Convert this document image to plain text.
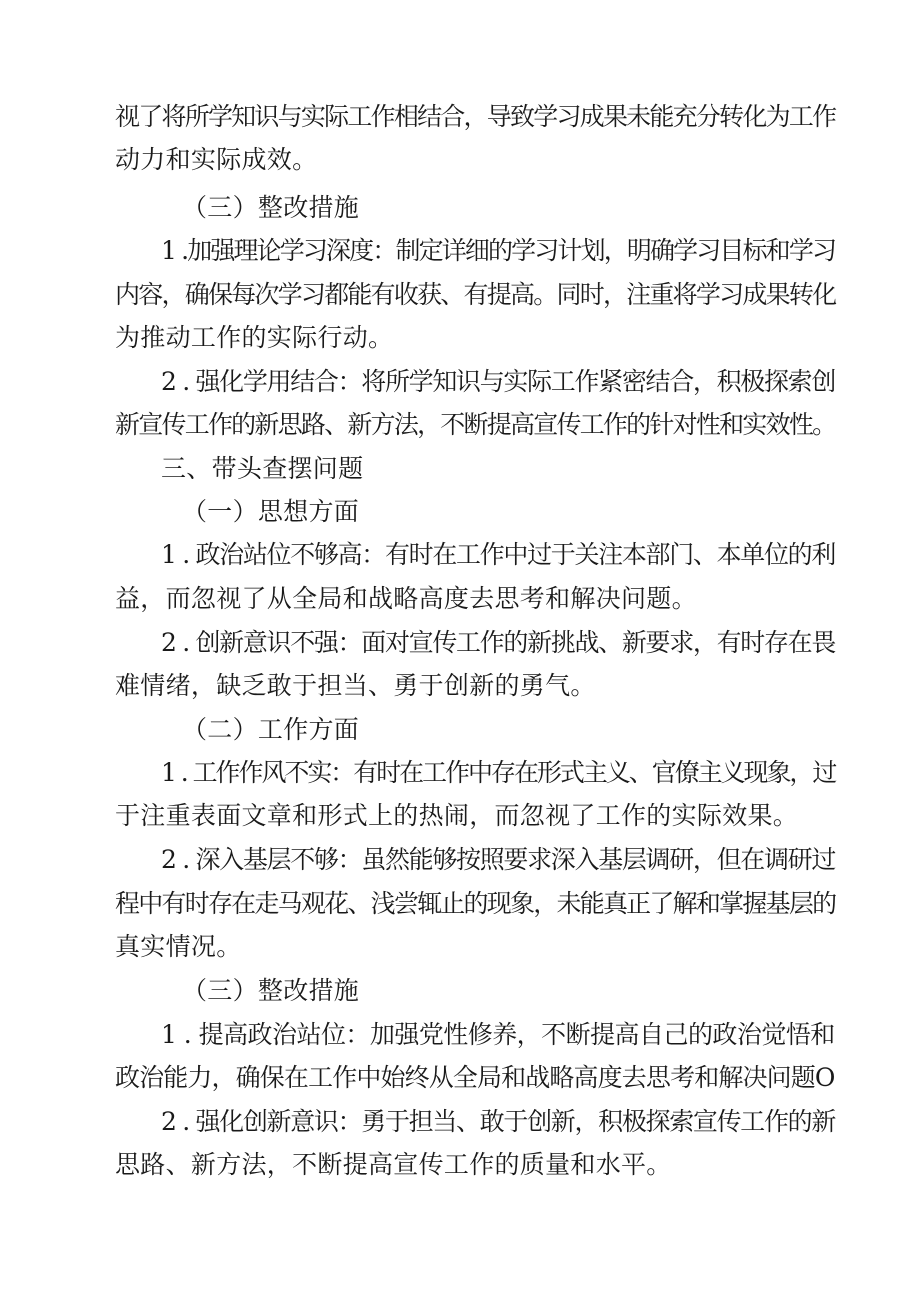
视了将所学知识与实际工作相结合，导致学习成果未能充分转化为工作
动力和实际成效。
（三）整改措施
1 .加强理论学习深度：制定详细的学习计划，明确学习目标和学习
内容，确保每次学习都能有收获、有提高。同时，注重将学习成果转化
为推动工作的实际行动。
2 . 强化学用结合：将所学知识与实际工作紧密结合，积极探索创
新宣传工作的新思路、新方法，不断提高宣传工作的针对性和实效性。
三、带头查摆问题
（一）思想方面
1 . 政治站位不够高：有时在工作中过于关注本部门、本单位的利
益，而忽视了从全局和战略高度去思考和解决问题。
2 . 创新意识不强：面对宣传工作的新挑战、新要求，有时存在畏
难情绪，缺乏敢于担当、勇于创新的勇气。
（二）工作方面
1 . 工作作风不实：有时在工作中存在形式主义、官僚主义现象，过
于注重表面文章和形式上的热闹，而忽视了工作的实际效果。
2 . 深入基层不够：虽然能够按照要求深入基层调研，但在调研过
程中有时存在走马观花、浅尝辄止的现象，未能真正了解和掌握基层的
真实情况。
（三）整改措施
1 . 提高政治站位：加强党性修养，不断提高自己的政治觉悟和
政治能力，确保在工作中始终从全局和战略高度去思考和解决问题O
2 . 强化创新意识：勇于担当、敢于创新，积极探索宣传工作的新
思路、新方法，不断提高宣传工作的质量和水平。
